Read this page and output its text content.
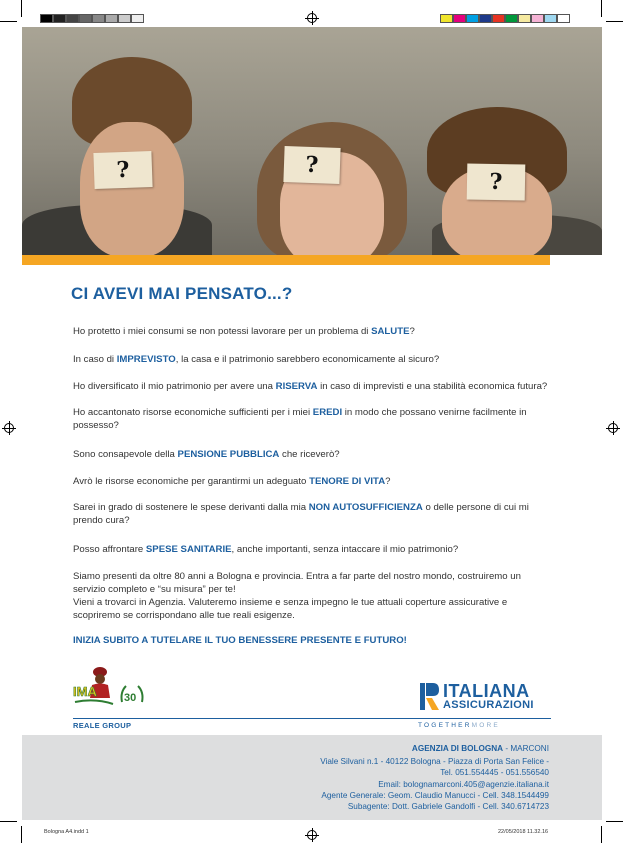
?	?
?
CI AVEVI MAI PENSATO...?
Ho protetto i miei consumi se non potessi lavorare per un problema di SALUTE?
In caso di IMPREVISTO, la casa e il patrimonio sarebbero economicamente al sicuro?
Ho diversificato il mio patrimonio per avere una RISERVA in caso di imprevisti e una stabilità economica futura?
Ho accantonato risorse economiche sufficienti per i miei EREDI in modo che possano venirne facilmente in possesso?
Sono consapevole della PENSIONE PUBBLICA che riceverò?
Avrò le risorse economiche per garantirmi un adeguato TENORE DI VITA?
Sarei in grado di sostenere le spese derivanti dalla mia NON AUTOSUFFICIENZA o delle persone di cui mi prendo cura?
Posso affrontare SPESE SANITARIE, anche importanti, senza intaccare il mio patrimonio?
Siamo presenti da oltre 80 anni a Bologna e provincia. Entra a far parte del nostro mondo, costruiremo un servizio completo e “su misura” per te!
Vieni a trovarci in Agenzia. Valuteremo insieme e senza impegno le tue attuali coperture assicurative e scopriremo se corrispondano alle tue reali esigenze.
INIZIA SUBITO A TUTELARE IL TUO BENESSERE PRESENTE E FUTURO!
IMA 30	ITALIANA
ASSICURAZIONI
REALE GROUP	TOGETHERMORE
AGENZIA DI BOLOGNA - MARCONI
Viale Silvani n.1 - 40122 Bologna - Piazza di Porta San Felice -
Tel. 051.554445 - 051.556540
Email: bolognamarconi.405@agenzie.italiana.it
Agente Generale: Geom. Claudio Manucci - Cell. 348.1544499
Subagente: Dott. Gabriele Gandolfi - Cell. 340.6714723
Bologna A4.indd 1	22/05/2018 11.32.16
